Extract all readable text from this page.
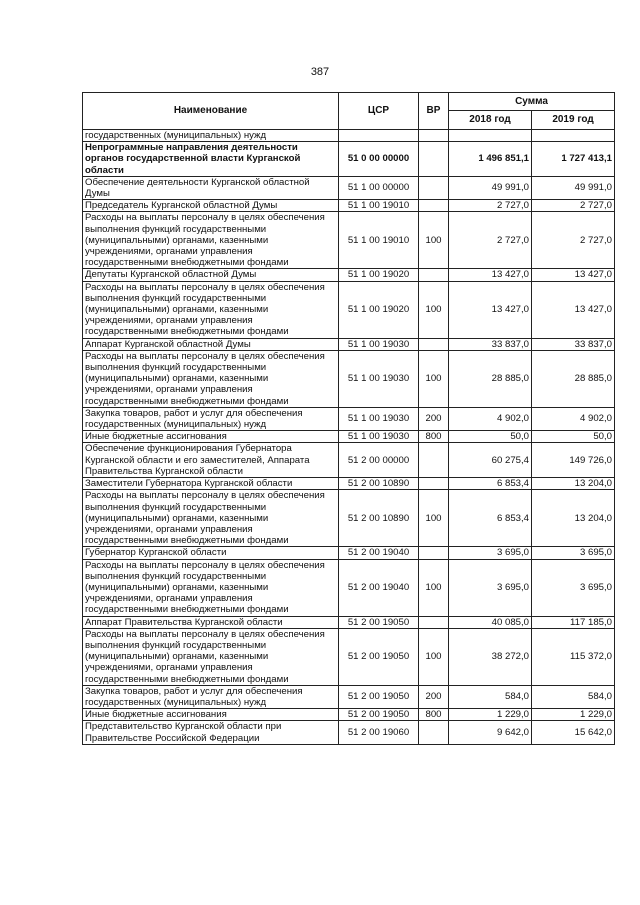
387
Наименование	ЦСР	ВР	Сумма	
			2018 год	2019 год
государственных (муниципальных) нужд				
Непрограммные направления деятельности органов государственной власти Курганской области	51 0 00 00000		1 496 851,1	1 727 413,1
Обеспечение деятельности Курганской областной Думы	51 1 00 00000		49 991,0	49 991,0
Председатель Курганской областной Думы	51 1 00 19010		2 727,0	2 727,0
Расходы на выплаты персоналу в целях обеспечения выполнения функций государственными (муниципальными) органами, казенными учреждениями, органами управления государственными внебюджетными фондами	51 1 00 19010	100	2 727,0	2 727,0
Депутаты Курганской областной Думы	51 1 00 19020		13 427,0	13 427,0
Расходы на выплаты персоналу в целях обеспечения выполнения функций государственными (муниципальными) органами, казенными учреждениями, органами управления государственными внебюджетными фондами	51 1 00 19020	100	13 427,0	13 427,0
Аппарат Курганской областной Думы	51 1 00 19030		33 837,0	33 837,0
Расходы на выплаты персоналу в целях обеспечения выполнения функций государственными (муниципальными) органами, казенными учреждениями, органами управления государственными внебюджетными фондами	51 1 00 19030	100	28 885,0	28 885,0
Закупка товаров, работ и услуг для обеспечения государственных (муниципальных) нужд	51 1 00 19030	200	4 902,0	4 902,0
Иные бюджетные ассигнования	51 1 00 19030	800	50,0	50,0
Обеспечение функционирования Губернатора Курганской области и его заместителей, Аппарата Правительства Курганской области	51 2 00 00000		60 275,4	149 726,0
Заместители Губернатора Курганской области	51 2 00 10890		6 853,4	13 204,0
Расходы на выплаты персоналу в целях обеспечения выполнения функций государственными (муниципальными) органами, казенными учреждениями, органами управления государственными внебюджетными фондами	51 2 00 10890	100	6 853,4	13 204,0
Губернатор Курганской области	51 2 00 19040		3 695,0	3 695,0
Расходы на выплаты персоналу в целях обеспечения выполнения функций государственными (муниципальными) органами, казенными учреждениями, органами управления государственными внебюджетными фондами	51 2 00 19040	100	3 695,0	3 695,0
Аппарат Правительства Курганской области	51 2 00 19050		40 085,0	117 185,0
Расходы на выплаты персоналу в целях обеспечения выполнения функций государственными (муниципальными) органами, казенными учреждениями, органами управления государственными внебюджетными фондами	51 2 00 19050	100	38 272,0	115 372,0
Закупка товаров, работ и услуг для обеспечения государственных (муниципальных) нужд	51 2 00 19050	200	584,0	584,0
Иные бюджетные ассигнования	51 2 00 19050	800	1 229,0	1 229,0
Представительство Курганской области при Правительстве Российской Федерации	51 2 00 19060		9 642,0	15 642,0
